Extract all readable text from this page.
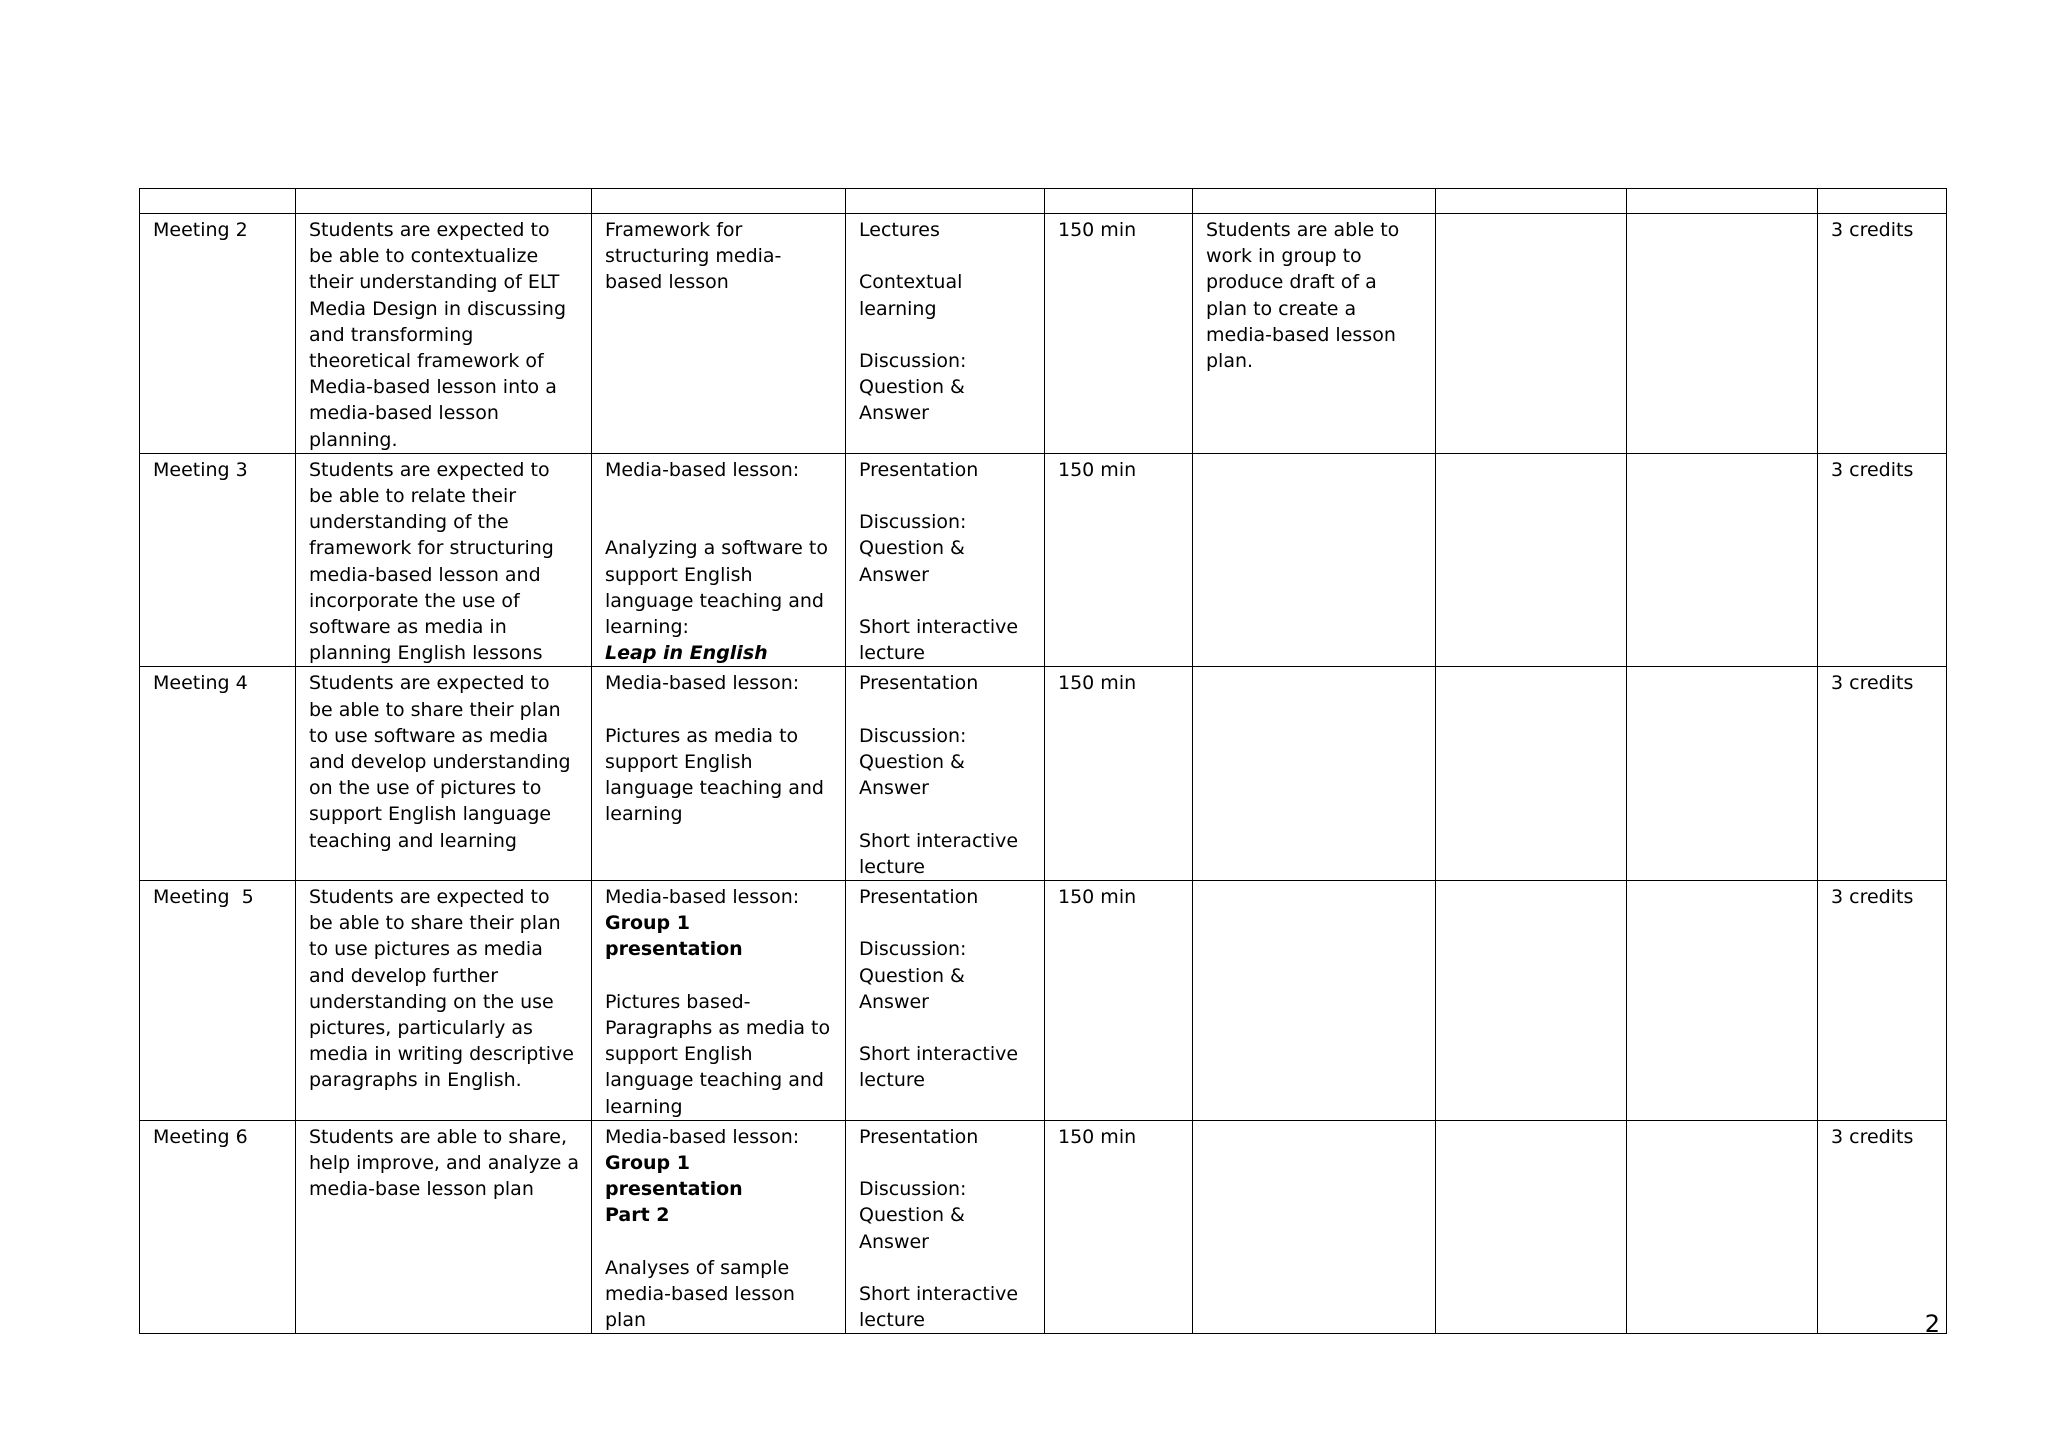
Meeting 2	Students are expected to be able to contextualize their understanding of ELT Media Design in discussing and transforming theoretical framework of Media-based lesson into a media-based lesson planning.	Framework for structuring media-based lesson	Lectures
Contextual learning
Discussion:
Question & Answer	150 min	Students are able to work in group to produce draft of a plan to create a media-based lesson plan.			3 credits
Meeting 3	Students are expected to be able to relate their understanding of the framework for structuring media-based lesson and incorporate the use of software as media in planning English lessons	Media-based lesson:
Analyzing a software to support English language teaching and learning:
Leap in English	Presentation
Discussion:
Question & Answer
Short interactive
lecture	150 min				3 credits
Meeting 4	Students are expected to be able to share their plan to use software as media and develop understanding on the use of pictures to support English language teaching and learning	Media-based lesson:
Pictures as media to support English language teaching and learning	Presentation
Discussion:
Question & Answer
Short interactive
lecture	150 min				3 credits
Meeting  5	Students are expected to be able to share their plan to use pictures as media and develop further understanding on the use pictures, particularly as media in writing descriptive paragraphs in English.	Media-based lesson:
Group 1 presentation
Pictures based-Paragraphs as media to support English language teaching and learning	Presentation
Discussion:
Question & Answer
Short interactive
lecture	150 min				3 credits
Meeting 6	Students are able to share, help improve, and analyze a media-base lesson plan	Media-based lesson:
Group 1 presentation
Part 2
Analyses of sample media-based lesson plan	Presentation
Discussion:
Question & Answer
Short interactive
lecture	150 min				3 credits
2
